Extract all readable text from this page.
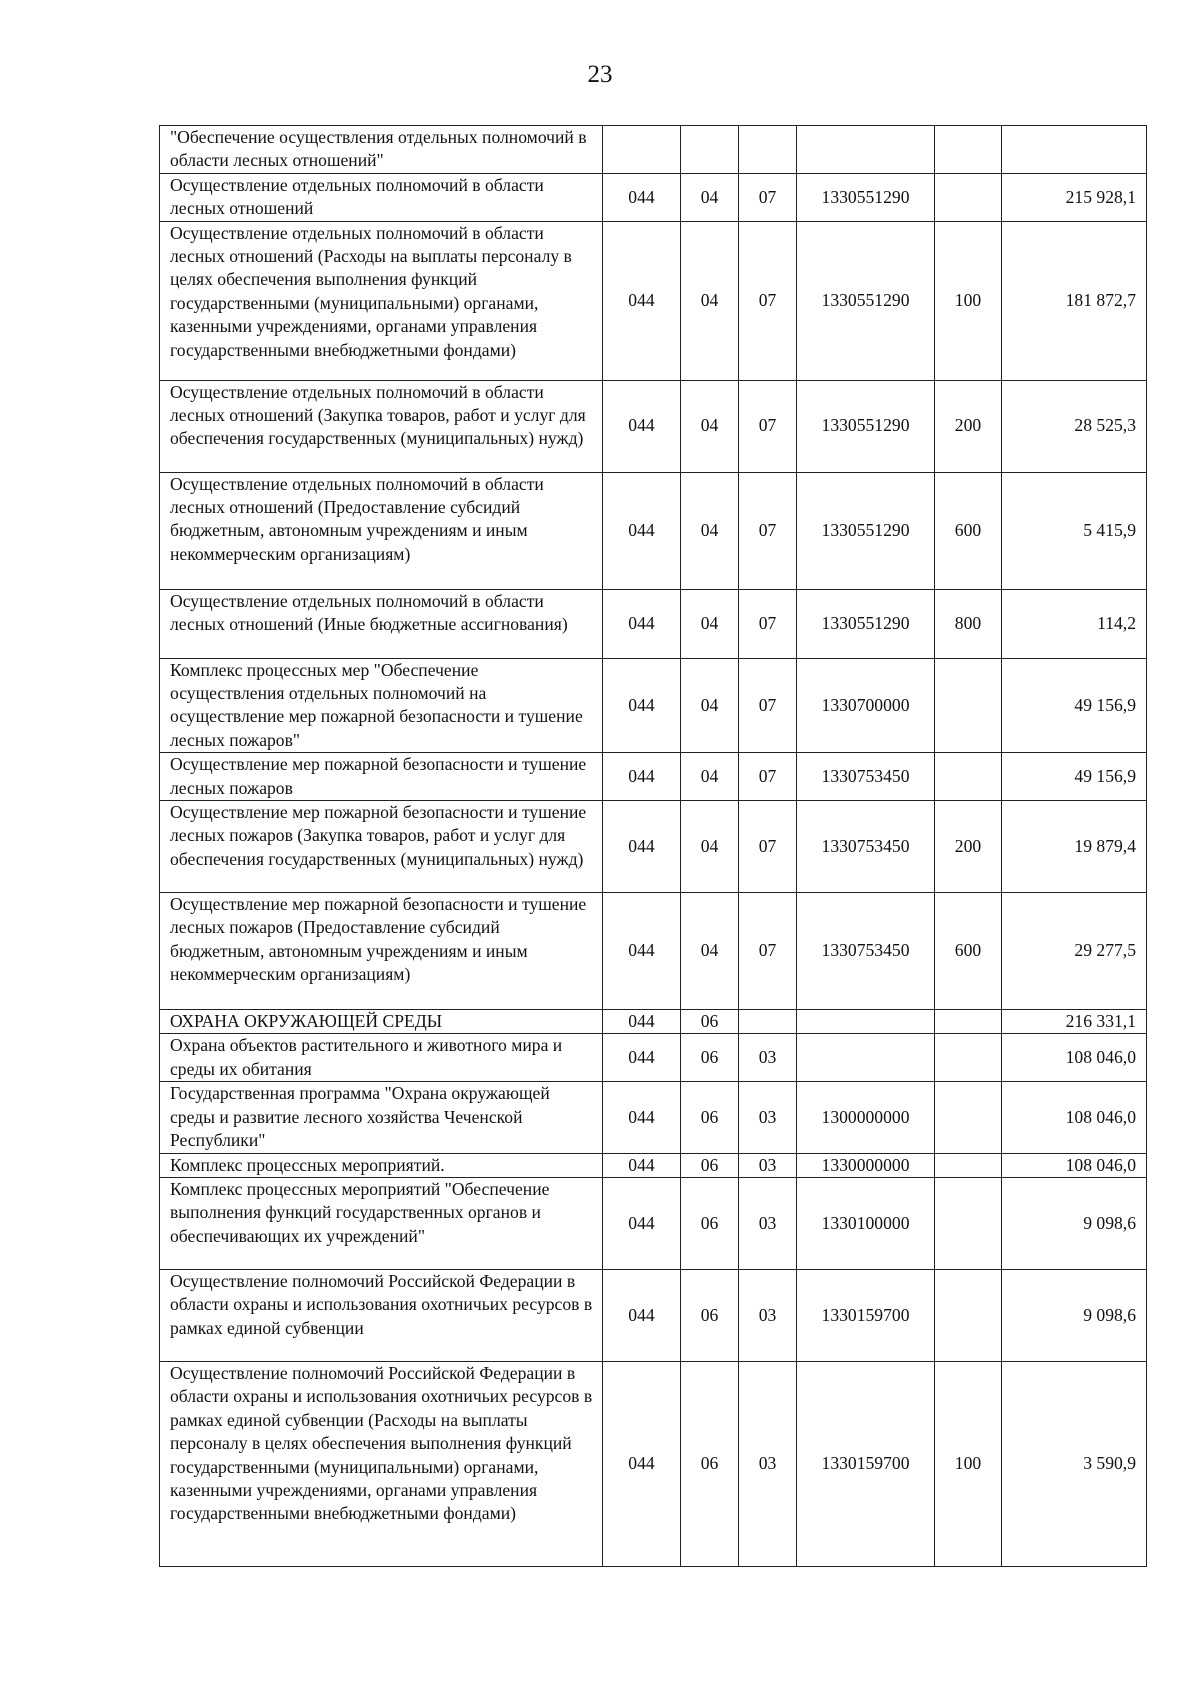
23
"Обеспечение осуществления отдельных полномочий в области лесных отношений"						
Осуществление отдельных полномочий в области лесных отношений	044	04	07	1330551290		215 928,1
Осуществление отдельных полномочий в области лесных отношений (Расходы на выплаты персоналу в целях обеспечения выполнения функций государственными (муниципальными) органами, казенными учреждениями, органами управления государственными внебюджетными фондами)	044	04	07	1330551290	100	181 872,7
Осуществление отдельных полномочий в области лесных отношений (Закупка товаров, работ и услуг для обеспечения государственных (муниципальных) нужд)	044	04	07	1330551290	200	28 525,3
Осуществление отдельных полномочий в области лесных отношений (Предоставление субсидий бюджетным, автономным учреждениям и иным некоммерческим организациям)	044	04	07	1330551290	600	5 415,9
Осуществление отдельных полномочий в области лесных отношений (Иные бюджетные ассигнования)	044	04	07	1330551290	800	114,2
Комплекс процессных мер "Обеспечение осуществления отдельных полномочий на осуществление мер пожарной безопасности и тушение лесных пожаров"	044	04	07	1330700000		49 156,9
Осуществление мер пожарной безопасности и тушение лесных пожаров	044	04	07	1330753450		49 156,9
Осуществление мер пожарной безопасности и тушение лесных пожаров (Закупка товаров, работ и услуг для обеспечения государственных (муниципальных) нужд)	044	04	07	1330753450	200	19 879,4
Осуществление мер пожарной безопасности и тушение лесных пожаров (Предоставление субсидий бюджетным, автономным учреждениям и иным некоммерческим организациям)	044	04	07	1330753450	600	29 277,5
ОХРАНА ОКРУЖАЮЩЕЙ СРЕДЫ	044	06				216 331,1
Охрана объектов растительного и животного мира и среды их обитания	044	06	03			108 046,0
Государственная программа "Охрана окружающей среды и развитие лесного хозяйства Чеченской Республики"	044	06	03	1300000000		108 046,0
Комплекс процессных мероприятий.	044	06	03	1330000000		108 046,0
Комплекс процессных мероприятий "Обеспечение выполнения функций государственных органов и обеспечивающих их учреждений"	044	06	03	1330100000		9 098,6
Осуществление полномочий Российской Федерации в области охраны и использования охотничьих ресурсов в рамках единой субвенции	044	06	03	1330159700		9 098,6
Осуществление полномочий Российской Федерации в области охраны и использования охотничьих ресурсов в рамках единой субвенции (Расходы на выплаты персоналу в целях обеспечения выполнения функций государственными (муниципальными) органами, казенными учреждениями, органами управления государственными внебюджетными фондами)	044	06	03	1330159700	100	3 590,9
